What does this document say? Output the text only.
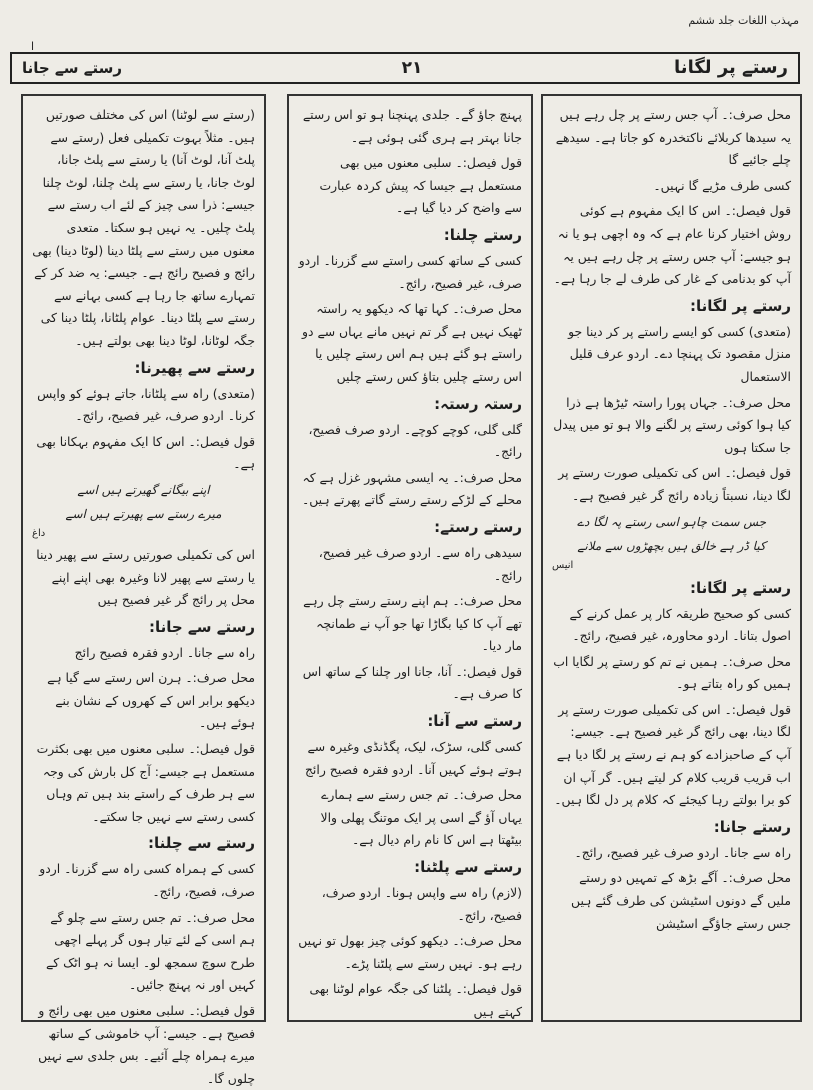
مہذب اللغات جلد ششم
ا
رستے پر لگانا
۲۱
رستے سے جانا

محل صرف:۔ آپ جس رستے پر چل رہے ہیں یہ سیدھا کربلائے ناکتخدرہ کو جاتا ہے۔ سیدھے چلے جائیے گا

کسی طرف مڑیے گا نہیں۔

قول فیصل:۔ اس کا ایک مفہوم ہے کوئی روش اختیار کرنا عام ہے کہ وہ اچھی ہو یا نہ ہو جیسے: آپ جس رستے پر چل رہے ہیں یہ آپ کو بدنامی کے غار کی طرف لے جا رہا ہے۔

رستے پر لگانا:

(متعدی) کسی کو ایسے راستے پر کر دینا جو منزل مقصود تک پہنچا دے۔ اردو عرف قلیل الاستعمال

محل صرف:۔ جہاں پورا راستہ ٹیڑھا ہے ذرا کیا ہوا کوئی رستے پر لگنے والا ہو تو میں پیدل جا سکتا ہوں

قول فیصل:۔ اس کی تکمیلی صورت رستے پر لگا دینا، نسبتاً زیادہ رائج گر غیر فصیح ہے۔

جس سمت چاہو اسی رستے پہ لگا دے

کیا ڈر ہے خالق ہیں بچھڑوں سے ملانے

انیس

رستے پر لگانا:

کسی کو صحیح طریقہ کار پر عمل کرنے کے اصول بتانا۔ اردو محاورہ، غیر فصیح، رائج۔

محل صرف:۔ ہمیں نے تم کو رستے پر لگایا اب ہمیں کو راہ بتاتے ہو۔

قول فیصل:۔ اس کی تکمیلی صورت رستے پر لگا دینا، بھی رائج گر غیر فصیح ہے۔ جیسے: آپ کے صاحبزادے کو ہم نے رستے پر لگا دیا ہے اب قریب قریب کلام کر لیتے ہیں۔ گر آپ ان کو برا بولتے رہا کیجئے کہ کلام پر دل لگا ہیں۔

رستے جانا:

راہ سے جانا۔ اردو صرف غیر فصیح، رائج۔

محل صرف:۔ آگے بڑھ کے تمہیں دو رستے ملیں گے دونوں اسٹیشن کی طرف گئے ہیں جس رستے جاؤگے اسٹیشن

پہنچ جاؤ گے۔ جلدی پہنچنا ہو تو اس رستے جانا بہتر ہے ہری گئی ہوئی ہے۔

قول فیصل:۔ سلبی معنوں میں بھی مستعمل ہے جیسا کہ پیش کردہ عبارت سے واضح کر دیا گیا ہے۔

رستے چلنا:

کسی کے ساتھ کسی راستے سے گزرنا۔ اردو صرف، غیر فصیح، رائج۔

محل صرف:۔ کہا تھا کہ دیکھو یہ راستہ ٹھیک نہیں ہے گر تم نہیں مانے یہاں سے دو راستے ہو گئے ہیں ہم اس رستے چلیں یا اس رستے چلیں بتاؤ کس رستے چلیں

رستہ رستہ:

گلی گلی، کوچے کوچے۔ اردو صرف فصیح، رائج۔

محل صرف:۔ یہ ایسی مشہور غزل ہے کہ محلے کے لڑکے رستے رستے گاتے پھرتے ہیں۔

رستے رستے:

سیدھی راہ سے۔ اردو صرف غیر فصیح، رائج۔

محل صرف:۔ ہم اپنے رستے رستے چل رہے تھے آپ کا کیا بگاڑا تھا جو آپ نے طمانچہ مار دیا۔

قول فیصل:۔ آنا، جانا اور چلنا کے ساتھ اس کا صرف ہے۔

رستے سے آنا:

کسی گلی، سڑک، لیک، پگڈنڈی وغیرہ سے ہوتے ہوئے کہیں آنا۔ اردو فقرہ فصیح رائج

محل صرف:۔ تم جس رستے سے ہمارے یہاں آؤ گے اسی پر ایک موتنگ پھلی والا بیٹھتا ہے اس کا نام رام دیال ہے۔

رستے سے پلٹنا:

(لازم) راہ سے واپس ہونا۔ اردو صرف، فصیح، رائج۔

محل صرف:۔ دیکھو کوئی چیز بھول تو نہیں رہے ہو۔ نہیں رستے سے پلٹنا پڑے۔

قول فیصل:۔ پلٹنا کی جگہ عوام لوٹنا بھی کہتے ہیں

(رستے سے لوٹنا) اس کی مختلف صورتیں ہیں۔ مثلاً بہوت تکمیلی فعل (رستے سے پلٹ آنا، لوٹ آنا) یا رستے سے پلٹ جانا، لوٹ جانا، یا رستے سے پلٹ چلنا، لوٹ چلنا جیسے: ذرا سی چیز کے لئے اب رستے سے پلٹ چلیں۔ یہ نہیں ہو سکتا۔ متعدی معنوں میں رستے سے پلٹا دینا (لوٹا دینا) بھی رائج و فصیح رائج ہے۔ جیسے: یہ ضد کر کے تمہارے ساتھ جا رہا ہے کسی بہانے سے رستے سے پلٹا دینا۔ عوام پلٹانا، پلٹا دینا کی جگہ لوٹانا، لوٹا دینا بھی بولتے ہیں۔

رستے سے پھیرنا:

(متعدی) راہ سے پلٹانا، جاتے ہوئے کو واپس کرنا۔ اردو صرف، غیر فصیح، رائج۔

قول فیصل:۔ اس کا ایک مفہوم بہکانا بھی ہے۔

اپنے بیگانے گھیرتے ہیں اسے

میرے رستے سے پھیرتے ہیں اسے

داغ

اس کی تکمیلی صورتیں رستے سے پھیر دینا یا رستے سے پھیر لانا وغیرہ بھی اپنے اپنے محل پر رائج گر غیر فصیح ہیں

رستے سے جانا:

راہ سے جانا۔ اردو فقرہ فصیح رائج

محل صرف:۔ ہرن اس رستے سے گیا ہے دیکھو برابر اس کے کھروں کے نشان بنے ہوئے ہیں۔

قول فیصل:۔ سلبی معنوں میں بھی بکثرت مستعمل ہے جیسے: آج کل بارش کی وجہ سے ہر طرف کے راستے بند ہیں تم وہاں کسی رستے سے نہیں جا سکتے۔

رستے سے چلنا:

کسی کے ہمراہ کسی راہ سے گزرنا۔ اردو صرف، فصیح، رائج۔

محل صرف:۔ تم جس رستے سے چلو گے ہم اسی کے لئے تیار ہوں گر پہلے اچھی طرح سوچ سمجھ لو۔ ایسا نہ ہو اٹک کے کہیں اور نہ پہنچ جائیں۔

قول فیصل:۔ سلبی معنوں میں بھی رائج و فصیح ہے۔ جیسے: آپ خاموشی کے ساتھ میرے ہمراہ چلے آئیے۔ بس جلدی سے نہیں چلوں گا۔
